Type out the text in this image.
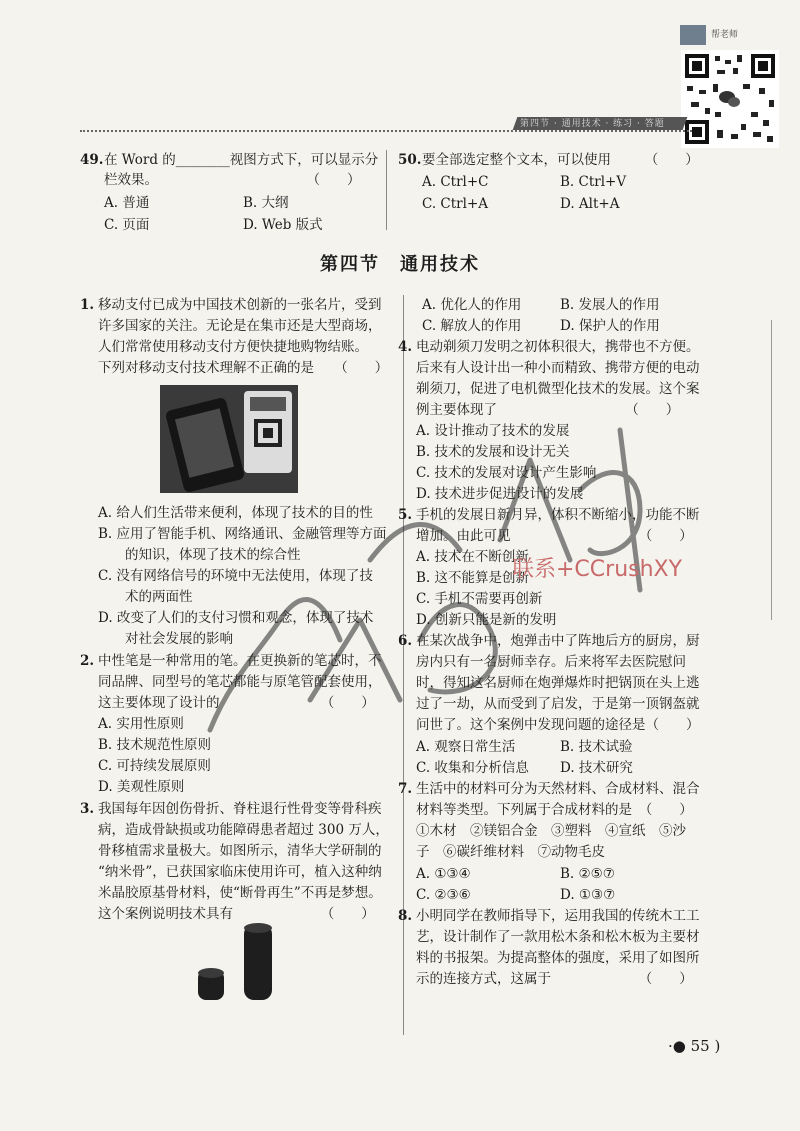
帮老师
第四节 · 通用技术 · 练习 · 答题
49. 在 Word 的________视图方式下，可以显示分
栏效果。　　　　　　　　　　　　（　　）
A. 普通	B. 大纲
C. 页面	D. Web 版式
50. 要全部选定整个文本，可以使用　　　（　　）
A. Ctrl+C	B. Ctrl+V
C. Ctrl+A	D. Alt+A
第四节　通用技术
1. 移动支付已成为中国技术创新的一张名片，受到
许多国家的关注。无论是在集市还是大型商场，
人们常常使用移动支付方便快捷地购物结账。
下列对移动支付技术理解不正确的是　　（　　）
A. 给人们生活带来便利，体现了技术的目的性
B. 应用了智能手机、网络通讯、金融管理等方面
　　的知识，体现了技术的综合性
C. 没有网络信号的环境中无法使用，体现了技
　　术的两面性
D. 改变了人们的支付习惯和观念，体现了技术
　　对社会发展的影响
2. 中性笔是一种常用的笔。在更换新的笔芯时，不
同品牌、同型号的笔芯都能与原笔管配套使用，
这主要体现了设计的　　　　　　　　（　　）
A. 实用性原则
B. 技术规范性原则
C. 可持续发展原则
D. 美观性原则
3. 我国每年因创伤骨折、脊柱退行性骨变等骨科疾
病，造成骨缺损或功能障碍患者超过 300 万人，
骨移植需求量极大。如图所示，清华大学研制的
“纳米骨”，已获国家临床使用许可，植入这种纳
米晶胶原基骨材料，使“断骨再生”不再是梦想。
这个案例说明技术具有　　　　　　　（　　）
A. 优化人的作用	B. 发展人的作用
C. 解放人的作用	D. 保护人的作用
4. 电动剃须刀发明之初体积很大，携带也不方便。
后来有人设计出一种小而精致、携带方便的电动
剃须刀，促进了电机微型化技术的发展。这个案
例主要体现了　　　　　　　　　　（　　）
A. 设计推动了技术的发展
B. 技术的发展和设计无关
C. 技术的发展对设计产生影响
D. 技术进步促进设计的发展
5. 手机的发展日新月异，体积不断缩小，功能不断
增加。由此可见　　　　　　　　　　（　　）
A. 技术在不断创新
B. 这不能算是创新
C. 手机不需要再创新
D. 创新只能是新的发明
6. 在某次战争中，炮弹击中了阵地后方的厨房，厨
房内只有一名厨师幸存。后来将军去医院慰问
时，得知这名厨师在炮弹爆炸时把锅顶在头上逃
过了一劫，从而受到了启发，于是第一顶钢盔就
问世了。这个案例中发现问题的途径是（　　）
A. 观察日常生活	B. 技术试验
C. 收集和分析信息 D. 技术研究
7. 生活中的材料可分为天然材料、合成材料、混合
材料等类型。下列属于合成材料的是　（　　）
①木材　②镁铝合金　③塑料　④宣纸　⑤沙
子　⑥碳纤维材料　⑦动物毛皮
A. ①③④	B. ②⑤⑦
C. ②③⑥	D. ①③⑦
8. 小明同学在教师指导下，运用我国的传统木工工
艺，设计制作了一款用松木条和松木板为主要材
料的书报架。为提高整体的强度，采用了如图所
示的连接方式，这属于　　　　　　　（　　）
联系+CCrushXY
·● 55 )
